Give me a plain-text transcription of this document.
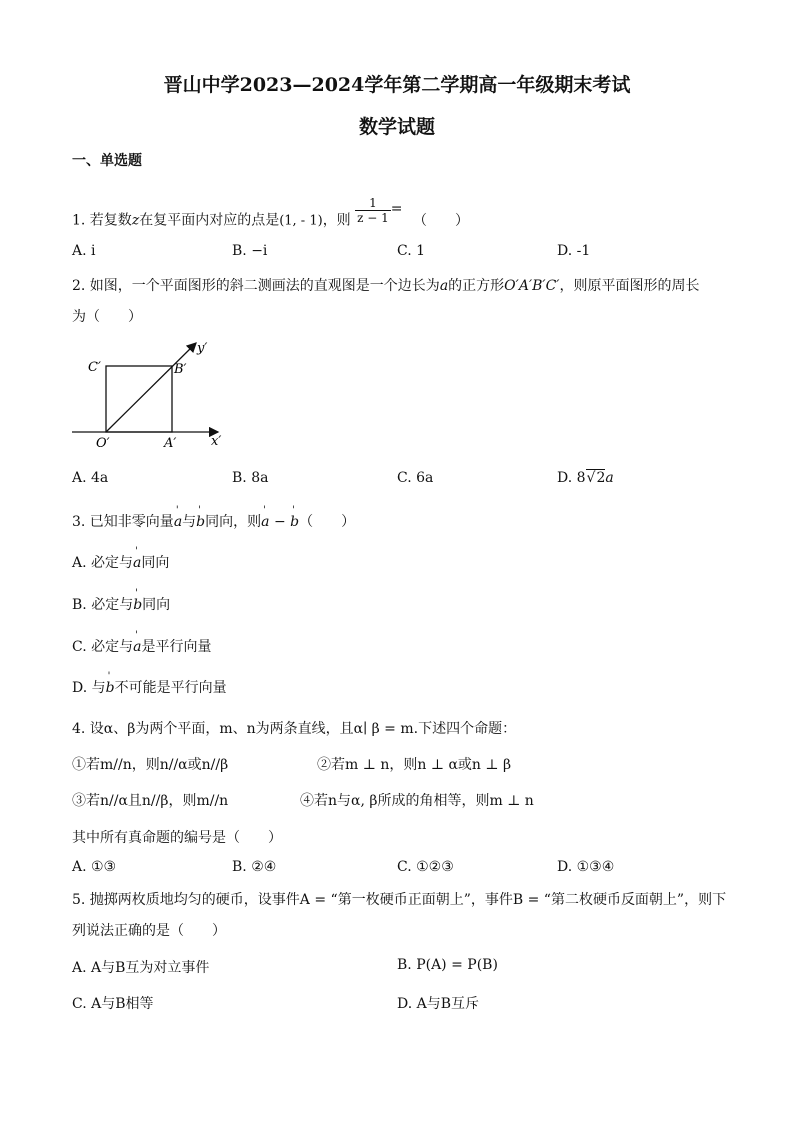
晋山中学2023—2024学年第二学期高一年级期末考试
数学试题
一、单选题
1. 若复数z在复平面内对应的点是(1, - 1)，则 $\frac{1}{z - 1}$ = （　　）
A. i	B. −i	C. 1	D. -1
2. 如图，一个平面图形的斜二测画法的直观图是一个边长为a的正方形O′A′B′C′，则原平面图形的周长
为（　　）
C′	B′
O′	A′	x′
y′
A. 4a	B. 8a	C. 6a	D. 8√2a
3. 已知非零向量' a与' b同向，则' a − ' b（　　）
A. 必定与' a同向
B. 必定与' b同向
C. 必定与' a是平行向量
D. 与' b不可能是平行向量
4. 设α、β为两个平面，m、n为两条直线，且α∣ β = m.下述四个命题：
①若m//n，则n//α或n//β	②若m ⊥ n，则n ⊥ α或n ⊥ β
③若n//α且n//β，则m//n	④若n与α, β所成的角相等，则m ⊥ n
其中所有真命题的编号是（　　）
A. ①③	B. ②④	C. ①②③	D. ①③④
5. 抛掷两枚质地均匀的硬币，设事件A = “第一枚硬币正面朝上”，事件B = “第二枚硬币反面朝上”，则下
列说法正确的是（　　）
A. A与B互为对立事件	B. P(A) = P(B)
C. A与B相等	D. A与B互斥
